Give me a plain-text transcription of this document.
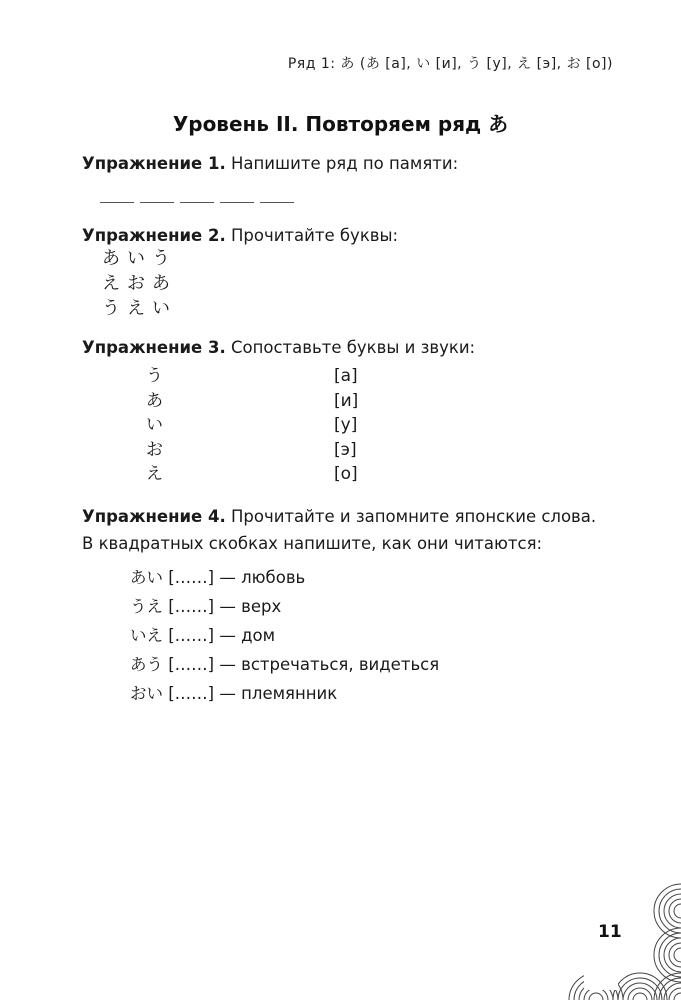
Ряд 1: あ (あ [а], い [и], う [у], え [э], お [о])
Уровень II. Повторяем ряд あ
Упражнение 1. Напишите ряд по памяти:
Упражнение 2. Прочитайте буквы:
あいう
えおあ
うえい
Упражнение 3. Сопоставьте буквы и звуки:
う
あ
い
お
え
[а]
[и]
[у]
[э]
[о]
Упражнение 4. Прочитайте и запомните японские слова.
В квадратных скобках напишите, как они читаются:
あい [……] — любовь
うえ [……] — верх
いえ [……] — дом
あう [……] — встречаться, видеться
おい [……] — племянник
11
